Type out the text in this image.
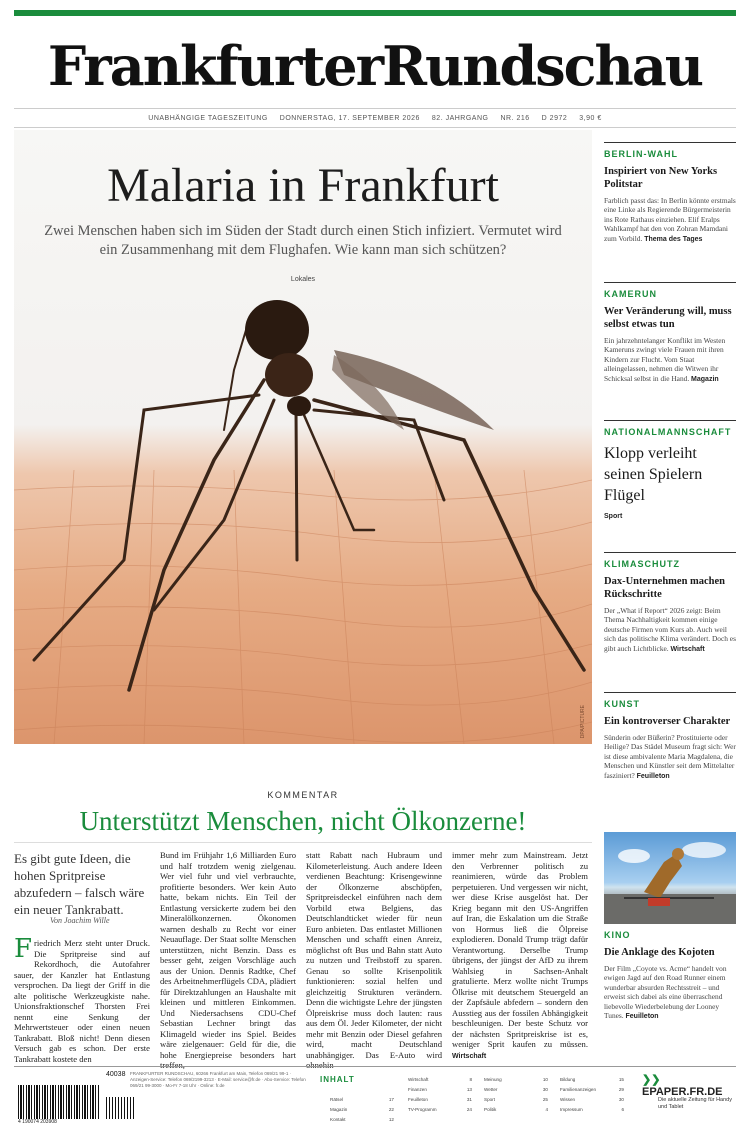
FrankfurterRundschau
UNABHÄNGIGE TAGESZEITUNG DONNERSTAG, 17. SEPTEMBER 2026 82. JAHRGANG NR. 216 D 2972 3,90 €
Malaria in Frankfurt
Zwei Menschen haben sich im Süden der Stadt durch einen Stich infiziert. Vermutet wird ein Zusammenhang mit dem Flughafen. Wie kann man sich schützen?
Lokales
DPA/PICTURE
KOMMENTAR
Unterstützt Menschen, nicht Ölkonzerne!
Es gibt gute Ideen, die hohen Spritpreise abzufedern – falsch wäre ein neuer Tankrabatt.
Von Joachim Wille
Friedrich Merz steht unter Druck. Die Spritpreise sind auf Rekordhoch, die Autofahrer sauer, der Kanzler hat Entlastung versprochen. Da liegt der Griff in die alte politische Werkzeugkiste nahe. Unionsfraktionschef Thorsten Frei nennt eine Senkung der Mehrwertsteuer oder einen neuen Tankrabatt. Bloß nicht! Denn diesen Versuch gab es schon. Der erste Tankrabatt kostete den
Bund im Frühjahr 1,6 Milliarden Euro und half trotzdem wenig zielgenau. Wer viel fuhr und viel verbrauchte, profitierte besonders. Wer kein Auto hatte, bekam nichts. Ein Teil der Entlastung versickerte zudem bei den Mineralölkonzernen. Ökonomen warnen deshalb zu Recht vor einer Neuauflage. Der Staat sollte Menschen unterstützen, nicht Benzin. Dass es besser geht, zeigen Vorschläge auch aus der Union. Dennis Radtke, Chef des Arbeitnehmerflügels CDA, plädiert für Direktzahlungen an Haushalte mit kleinen und mittleren Einkommen. Und Niedersachsens CDU-Chef Sebastian Lechner bringt das Klimageld wieder ins Spiel. Beides wäre zielgenauer: Geld für die, die hohe Energiepreise besonders hart treffen,
statt Rabatt nach Hubraum und Kilometerleistung. Auch andere Ideen verdienen Beachtung: Krisengewinne der Ölkonzerne abschöpfen, Spritpreisdeckel einführen nach dem Vorbild etwa Belgiens, das Deutschlandticket wieder für neun Euro anbieten. Das entlastet Millionen Menschen und schafft einen Anreiz, möglichst oft Bus und Bahn statt Auto zu nutzen und Treibstoff zu sparen. Genau so sollte Krisenpolitik funktionieren: sozial helfen und gleichzeitig Strukturen verändern. Denn die wichtigste Lehre der jüngsten Ölpreiskrise muss doch lauten: raus aus dem Öl. Jeder Kilometer, der nicht mehr mit Benzin oder Diesel gefahren wird, macht Deutschland unabhängiger. Das E-Auto wird ohnehin
immer mehr zum Mainstream. Jetzt den Verbrenner politisch zu reanimieren, würde das Problem perpetuieren. Und vergessen wir nicht, wer diese Krise ausgelöst hat. Der Krieg begann mit den US-Angriffen auf Iran, die Eskalation um die Straße von Hormus ließ die Ölpreise explodieren. Donald Trump trägt dafür Verantwortung. Derselbe Trump übrigens, der jüngst der AfD zu ihrem Wahlsieg in Sachsen-Anhalt gratulierte. Merz wollte nicht Trumps Ölkrise mit deutschem Steuergeld an der Zapfsäule abfedern – sondern den Ausstieg aus der fossilen Abhängigkeit beschleunigen. Der beste Schutz vor der nächsten Spritpreiskrise ist es, weniger Sprit kaufen zu müssen. Wirtschaft
BERLIN-WAHL
Inspiriert von New Yorks Politstar
Farblich passt das: In Berlin könnte erstmals eine Linke als Regierende Bürgermeisterin ins Rote Rathaus einziehen. Elif Eralps Wahlkampf hat den von Zohran Mamdani zum Vorbild. Thema des Tages
KAMERUN
Wer Veränderung will, muss selbst etwas tun
Ein jahrzehntelanger Konflikt im Westen Kameruns zwingt viele Frauen mit ihren Kindern zur Flucht. Vom Staat alleingelassen, nehmen die Witwen ihr Schicksal selbst in die Hand. Magazin
NATIONALMANNSCHAFT
Klopp verleiht seinen Spielern Flügel
Sport
KLIMASCHUTZ
Dax-Unternehmen machen Rückschritte
Der „What if Report“ 2026 zeigt: Beim Thema Nachhaltigkeit kommen einige deutsche Firmen vom Kurs ab. Auch weil sich das politische Klima verändert. Doch es gibt auch Lichtblicke. Wirtschaft
KUNST
Ein kontroverser Charakter
Sünderin oder Büßerin? Prostituierte oder Heilige? Das Städel Museum fragt sich: Wer ist diese ambivalente Maria Magdalena, die Menschen und Künstler seit dem Mittelalter fasziniert? Feuilleton
KINO
Die Anklage des Kojoten
Der Film „Coyote vs. Acme“ handelt von ewigen Jagd auf den Road Runner einem wunderbar absurden Rechtsstreit – und erweist sich dabei als eine überraschend liebevolle Wiederbelebung der Looney Tunes. Feuilleton
40038
4 190074 203908
FRANKFURTER RUNDSCHAU, 60266 Frankfurt am Main, Telefon 069/21 99-1 · Anzeigen-Service: Telefon 069/2199-3213 · E-Mail: service@fr.de · Abo-Service: Telefon 069/21 99-3000 · Mo-Fr 7-18 Uhr · Online: fr.de
INHALT	Wirtschaft	8
Finanzen	13
Feuilleton	31
TV-Programm	24
Meinung	10
Wetter	30
Sport	25
Politik	4
Bildung	15
Familienanzeigen	29
Wissen	30
Impressum	6
Rätsel	17
Magazin	22
Kontakt	12
❯❯ EPAPER.FR.DE
Die aktuelle Zeitung für Handy und Tablet
